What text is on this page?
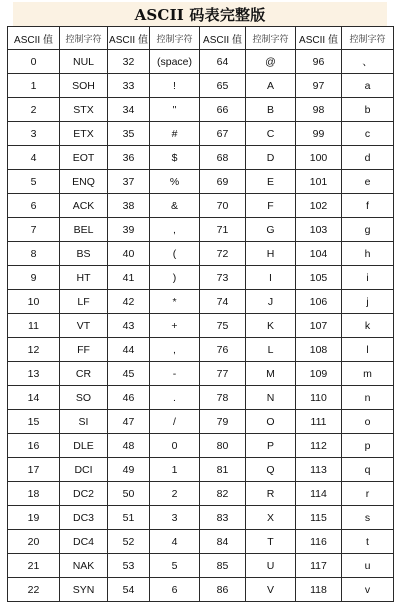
ASCII 码表完整版
ASCII 值	控制字符	ASCII 值	控制字符	ASCII 值	控制字符	ASCII 值	控制字符
0	NUL	32	(space)	64	@	96	、
1	SOH	33	!	65	A	97	a
2	STX	34	"	66	B	98	b
3	ETX	35	#	67	C	99	c
4	EOT	36	$	68	D	100	d
5	ENQ	37	%	69	E	101	e
6	ACK	38	&	70	F	102	f
7	BEL	39	,	71	G	103	g
8	BS	40	(	72	H	104	h
9	HT	41	)	73	I	105	i
10	LF	42	*	74	J	106	j
11	VT	43	+	75	K	107	k
12	FF	44	,	76	L	108	l
13	CR	45	-	77	M	109	m
14	SO	46	.	78	N	110	n
15	SI	47	/	79	O	111	o
16	DLE	48	0	80	P	112	p
17	DCI	49	1	81	Q	113	q
18	DC2	50	2	82	R	114	r
19	DC3	51	3	83	X	115	s
20	DC4	52	4	84	T	116	t
21	NAK	53	5	85	U	117	u
22	SYN	54	6	86	V	118	v
